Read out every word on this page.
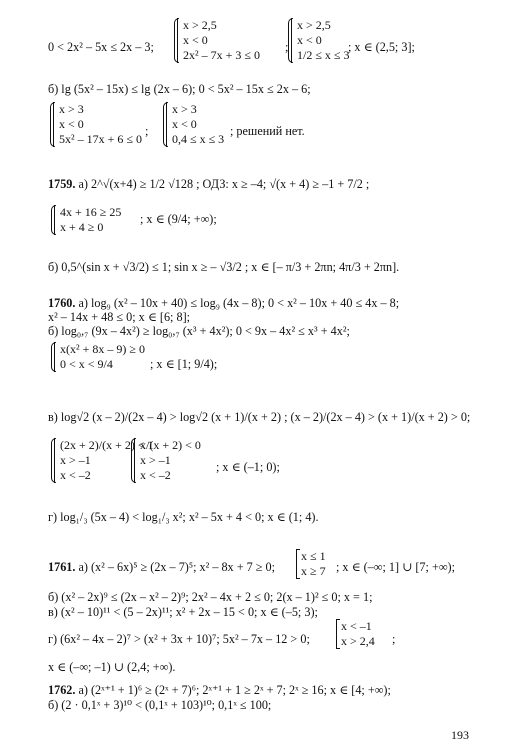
0 < 2x² – 5x ≤ 2x – 3;
x > 2,5
x < 0
2x² – 7x + 3 ≤ 0
;
x > 2,5
x < 0
1/2 ≤ x ≤ 3
; x ∈ (2,5; 3];
б) lg (5x² – 15x) ≤ lg (2x – 6); 0 < 5x² – 15x ≤ 2x – 6;
x > 3
x < 0
5x² – 17x + 6 ≤ 0
;
x > 3
x < 0
0,4 ≤ x ≤ 3
; решений нет.
1759. а) 2^√(x+4) ≥ 1/2 √128 ; ОДЗ: x ≥ –4; √(x + 4) ≥ –1 + 7/2 ;
4x + 16 ≥ 25
x + 4 ≥ 0
; x ∈ (9/4; +∞);
б) 0,5^(sin x + √3/2) ≤ 1; sin x ≥ – √3/2 ; x ∈ [– π/3 + 2πn; 4π/3 + 2πn].
1760. а) log₉ (x² – 10x + 40) ≤ log₉ (4x – 8); 0 < x² – 10x + 40 ≤ 4x – 8;
x² – 14x + 48 ≤ 0; x ∈ [6; 8];
б) log₀,₇ (9x – 4x²) ≥ log₀,₇ (x³ + 4x²); 0 < 9x – 4x² ≤ x³ + 4x²;
x(x² + 8x – 9) ≥ 0
0 < x < 9/4	; x ∈ [1; 9/4);
в) log√2 (x – 2)/(2x – 4) > log√2 (x + 1)/(x + 2) ; (x – 2)/(2x – 4) > (x + 1)/(x + 2) > 0;
(2x + 2)/(x + 2) < 1
x > –1
x < –2
x/(x + 2) < 0
x > –1
x < –2
; x ∈ (–1; 0);
г) log₁/₃ (5x – 4) < log₁/₃ x²; x² – 5x + 4 < 0; x ∈ (1; 4).
1761. а) (x² – 6x)⁵ ≥ (2x – 7)⁵; x² – 8x + 7 ≥ 0;
x ≤ 1
x ≥ 7 ; x ∈ (–∞; 1] ∪ [7; +∞);
б) (x² – 2x)⁹ ≤ (2x – x² – 2)⁹; 2x² – 4x + 2 ≤ 0; 2(x – 1)² ≤ 0; x = 1;
в) (x² – 10)¹¹ < (5 – 2x)¹¹; x² + 2x – 15 < 0; x ∈ (–5; 3);
г) (6x² – 4x – 2)⁷ > (x² + 3x + 10)⁷; 5x² – 7x – 12 > 0;
x < –1
x > 2,4 ;
x ∈ (–∞; –1) ∪ (2,4; +∞).
1762. а) (2ˣ⁺¹ + 1)⁶ ≥ (2ˣ + 7)⁶; 2ˣ⁺¹ + 1 ≥ 2ˣ + 7; 2ˣ ≥ 16; x ∈ [4; +∞);
б) (2 · 0,1ˣ + 3)¹⁰ < (0,1ˣ + 103)¹⁰; 0,1ˣ ≤ 100;
193
